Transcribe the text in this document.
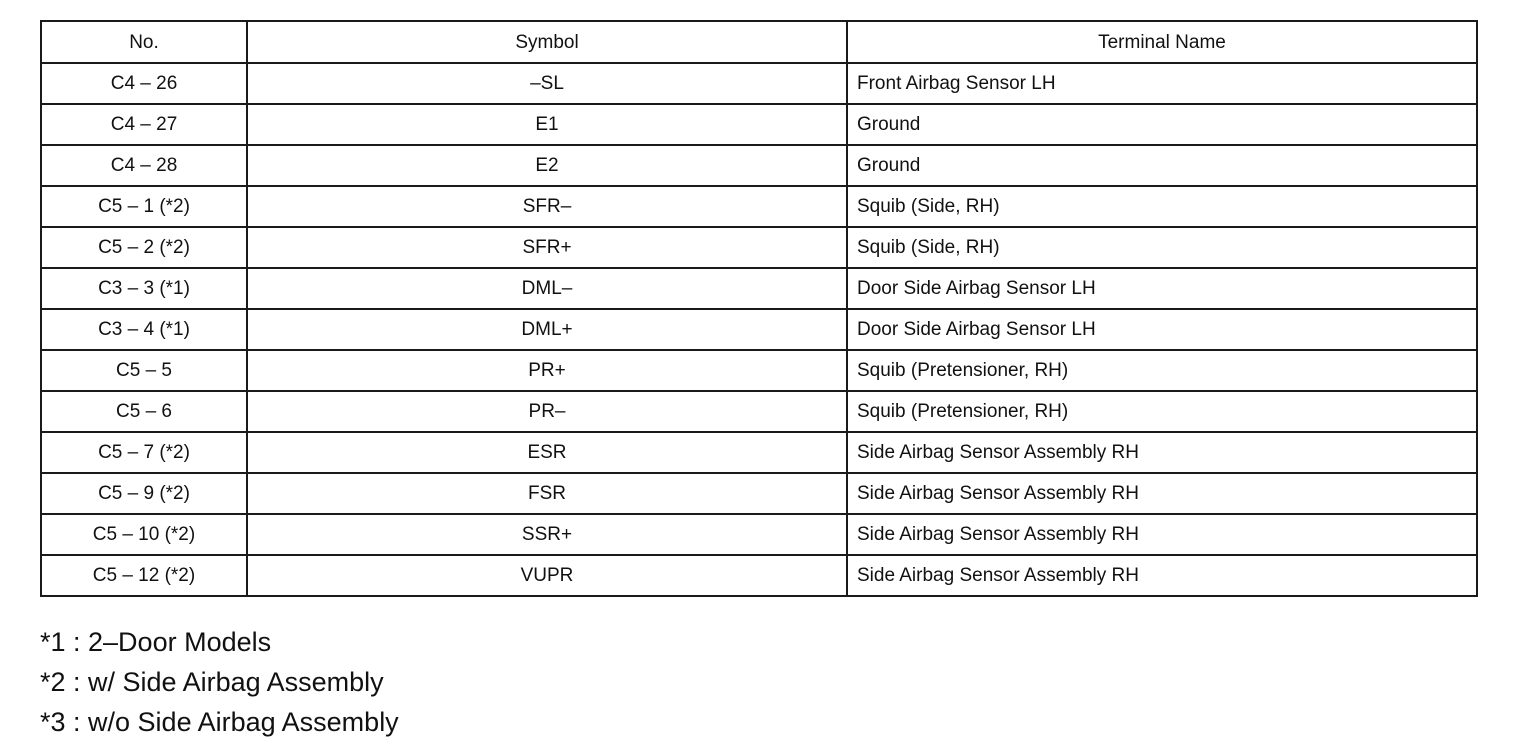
No.	Symbol	Terminal Name
C4 – 26	–SL	Front Airbag Sensor LH
C4 – 27	E1	Ground
C4 – 28	E2	Ground
C5 – 1 (*2)	SFR–	Squib (Side, RH)
C5 – 2 (*2)	SFR+	Squib (Side, RH)
C3 – 3 (*1)	DML–	Door Side Airbag Sensor LH
C3 – 4 (*1)	DML+	Door Side Airbag Sensor LH
C5 – 5	PR+	Squib (Pretensioner, RH)
C5 – 6	PR–	Squib (Pretensioner, RH)
C5 – 7 (*2)	ESR	Side Airbag Sensor Assembly RH
C5 – 9 (*2)	FSR	Side Airbag Sensor Assembly RH
C5 – 10 (*2)	SSR+	Side Airbag Sensor Assembly RH
C5 – 12 (*2)	VUPR	Side Airbag Sensor Assembly RH
*1 : 2–Door Models
*2 : w/ Side Airbag Assembly
*3 : w/o Side Airbag Assembly
